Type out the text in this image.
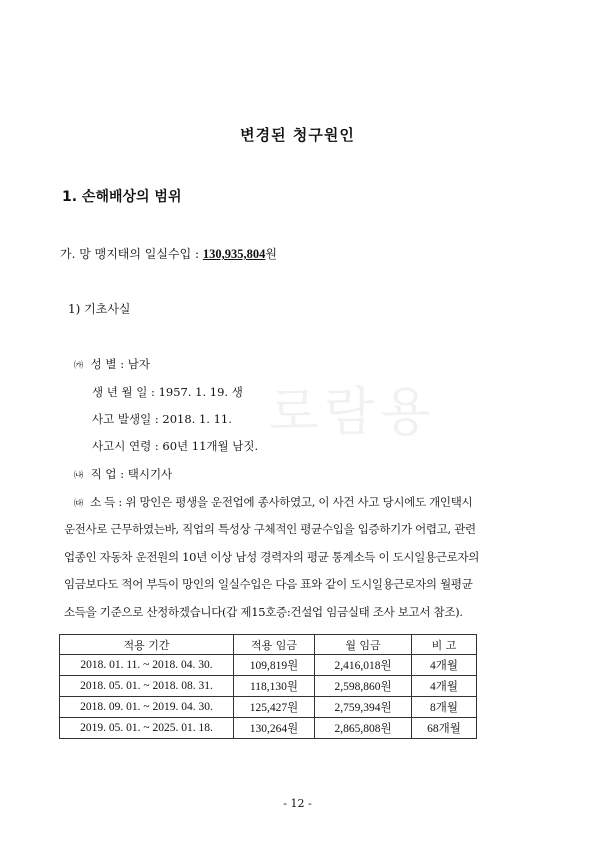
로람용
변경된 청구원인
1. 손해배상의 범위
가. 망 맹지태의 일실수입 : 130,935,804원
1) 기초사실
㈎ 성 별 : 남자
생 년 월 일 : 1957. 1. 19. 생
사고 발생일 : 2018. 1. 11.
사고시 연령 : 60년 11개월 남짓.
㈏ 직 업 : 택시기사
㈐ 소 득 : 위 망인은 평생을 운전업에 종사하였고, 이 사건 사고 당시에도 개인택시
운전사로 근무하였는바, 직업의 특성상 구체적인 평균수입을 입증하기가 어렵고, 관련
업종인 자동차 운전원의 10년 이상 남성 경력자의 평균 통계소득 이 도시일용근로자의
임금보다도 적어 부득이 망인의 일실수입은 다음 표와 같이 도시일용근로자의 월평균
소득을 기준으로 산정하겠습니다(갑 제15호증:건설업 임금실태 조사 보고서 참조).
적용 기간	적용 임금	월 임금	비 고
2018. 01. 11. ~ 2018. 04. 30.	109,819원	2,416,018원	4개월
2018. 05. 01. ~ 2018. 08. 31.	118,130원	2,598,860원	4개월
2018. 09. 01. ~ 2019. 04. 30.	125,427원	2,759,394원	8개월
2019. 05. 01. ~ 2025. 01. 18.	130,264원	2,865,808원	68개월
- 12 -
